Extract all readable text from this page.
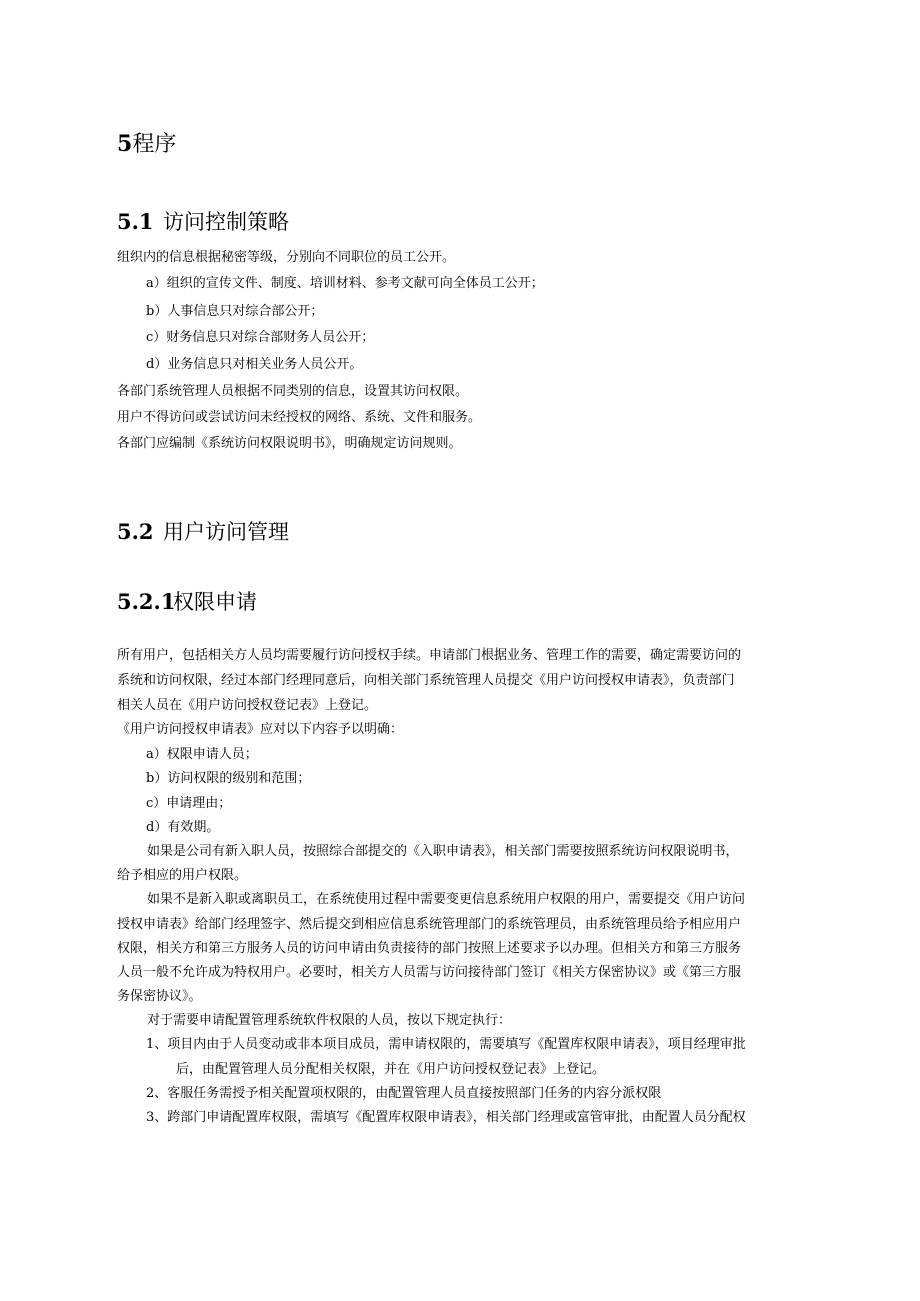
5程序
5.1 访问控制策略
组织内的信息根据秘密等级，分别向不同职位的员工公开。
a）组织的宣传文件、制度、培训材料、参考文献可向全体员工公开；
b）人事信息只对综合部公开；
c）财务信息只对综合部财务人员公开；
d）业务信息只对相关业务人员公开。
各部门系统管理人员根据不同类别的信息，设置其访问权限。
用户不得访问或尝试访问未经授权的网络、系统、文件和服务。
各部门应编制《系统访问权限说明书》，明确规定访问规则。
5.2 用户访问管理
5.2.1权限申请
所有用户，包括相关方人员均需要履行访问授权手续。申请部门根据业务、管理工作的需要，确定需要访问的
系统和访问权限，经过本部门经理同意后，向相关部门系统管理人员提交《用户访问授权申请表》，负责部门
相关人员在《用户访问授权登记表》上登记。
《用户访问授权申请表》应对以下内容予以明确：
a）权限申请人员；
b）访问权限的级别和范围；
c）申请理由；
d）有效期。
如果是公司有新入职人员，按照综合部提交的《入职申请表》，相关部门需要按照系统访问权限说明书，
给予相应的用户权限。
如果不是新入职或离职员工，在系统使用过程中需要变更信息系统用户权限的用户，需要提交《用户访问
授权申请表》给部门经理签字、然后提交到相应信息系统管理部门的系统管理员，由系统管理员给予相应用户
权限，相关方和第三方服务人员的访问申请由负责接待的部门按照上述要求予以办理。但相关方和第三方服务
人员一般不允许成为特权用户。必要时，相关方人员需与访问接待部门签订《相关方保密协议》或《第三方服
务保密协议》。
对于需要申请配置管理系统软件权限的人员，按以下规定执行：
1、项目内由于人员变动或非本项目成员，需申请权限的，需要填写《配置库权限申请表》，项目经理审批
后，由配置管理人员分配相关权限，并在《用户访问授权登记表》上登记。
2、客服任务需授予相关配置项权限的，由配置管理人员直接按照部门任务的内容分派权限
3、跨部门申请配置库权限，需填写《配置库权限申请表》，相关部门经理或富管审批，由配置人员分配权
